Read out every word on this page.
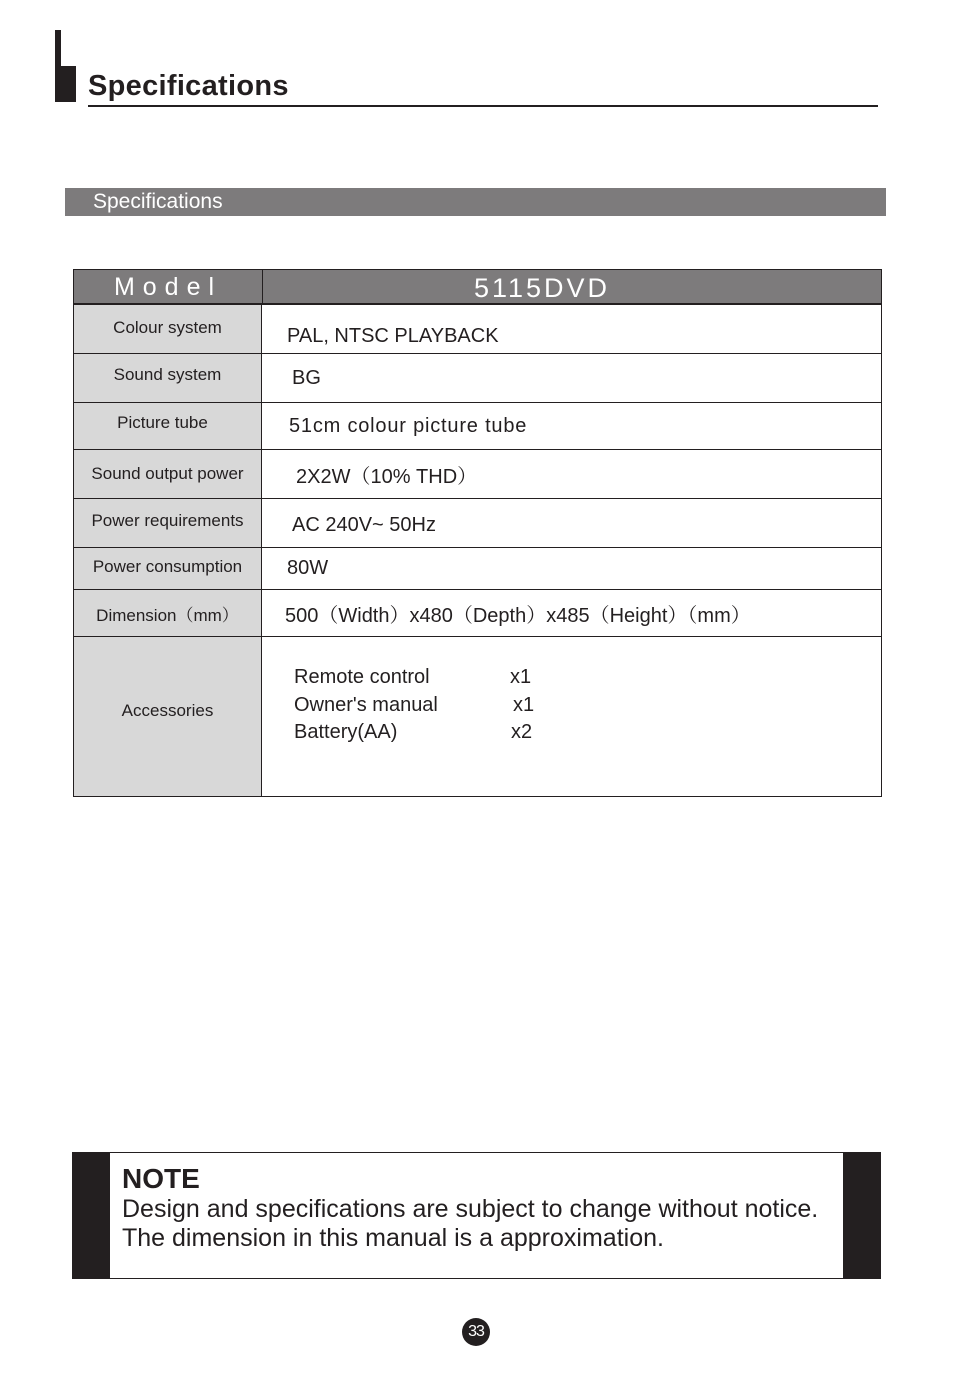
Specifications
Specifications
Model	5115DVD
Colour system	PAL, NTSC PLAYBACK
Sound system	BG
Picture tube	51cm colour picture tube
Sound output power	2X2W（10% THD）
Power requirements	AC 240V~ 50Hz
Power consumption	80W
Dimension（mm）	500（Width）x480（Depth）x485（Height）（mm）
Accessories
Remote control	x1
Owner's manual	x1
Battery(AA)	x2
NOTE
Design and specifications are subject to change without notice.
The dimension in this manual is a approximation.
33
